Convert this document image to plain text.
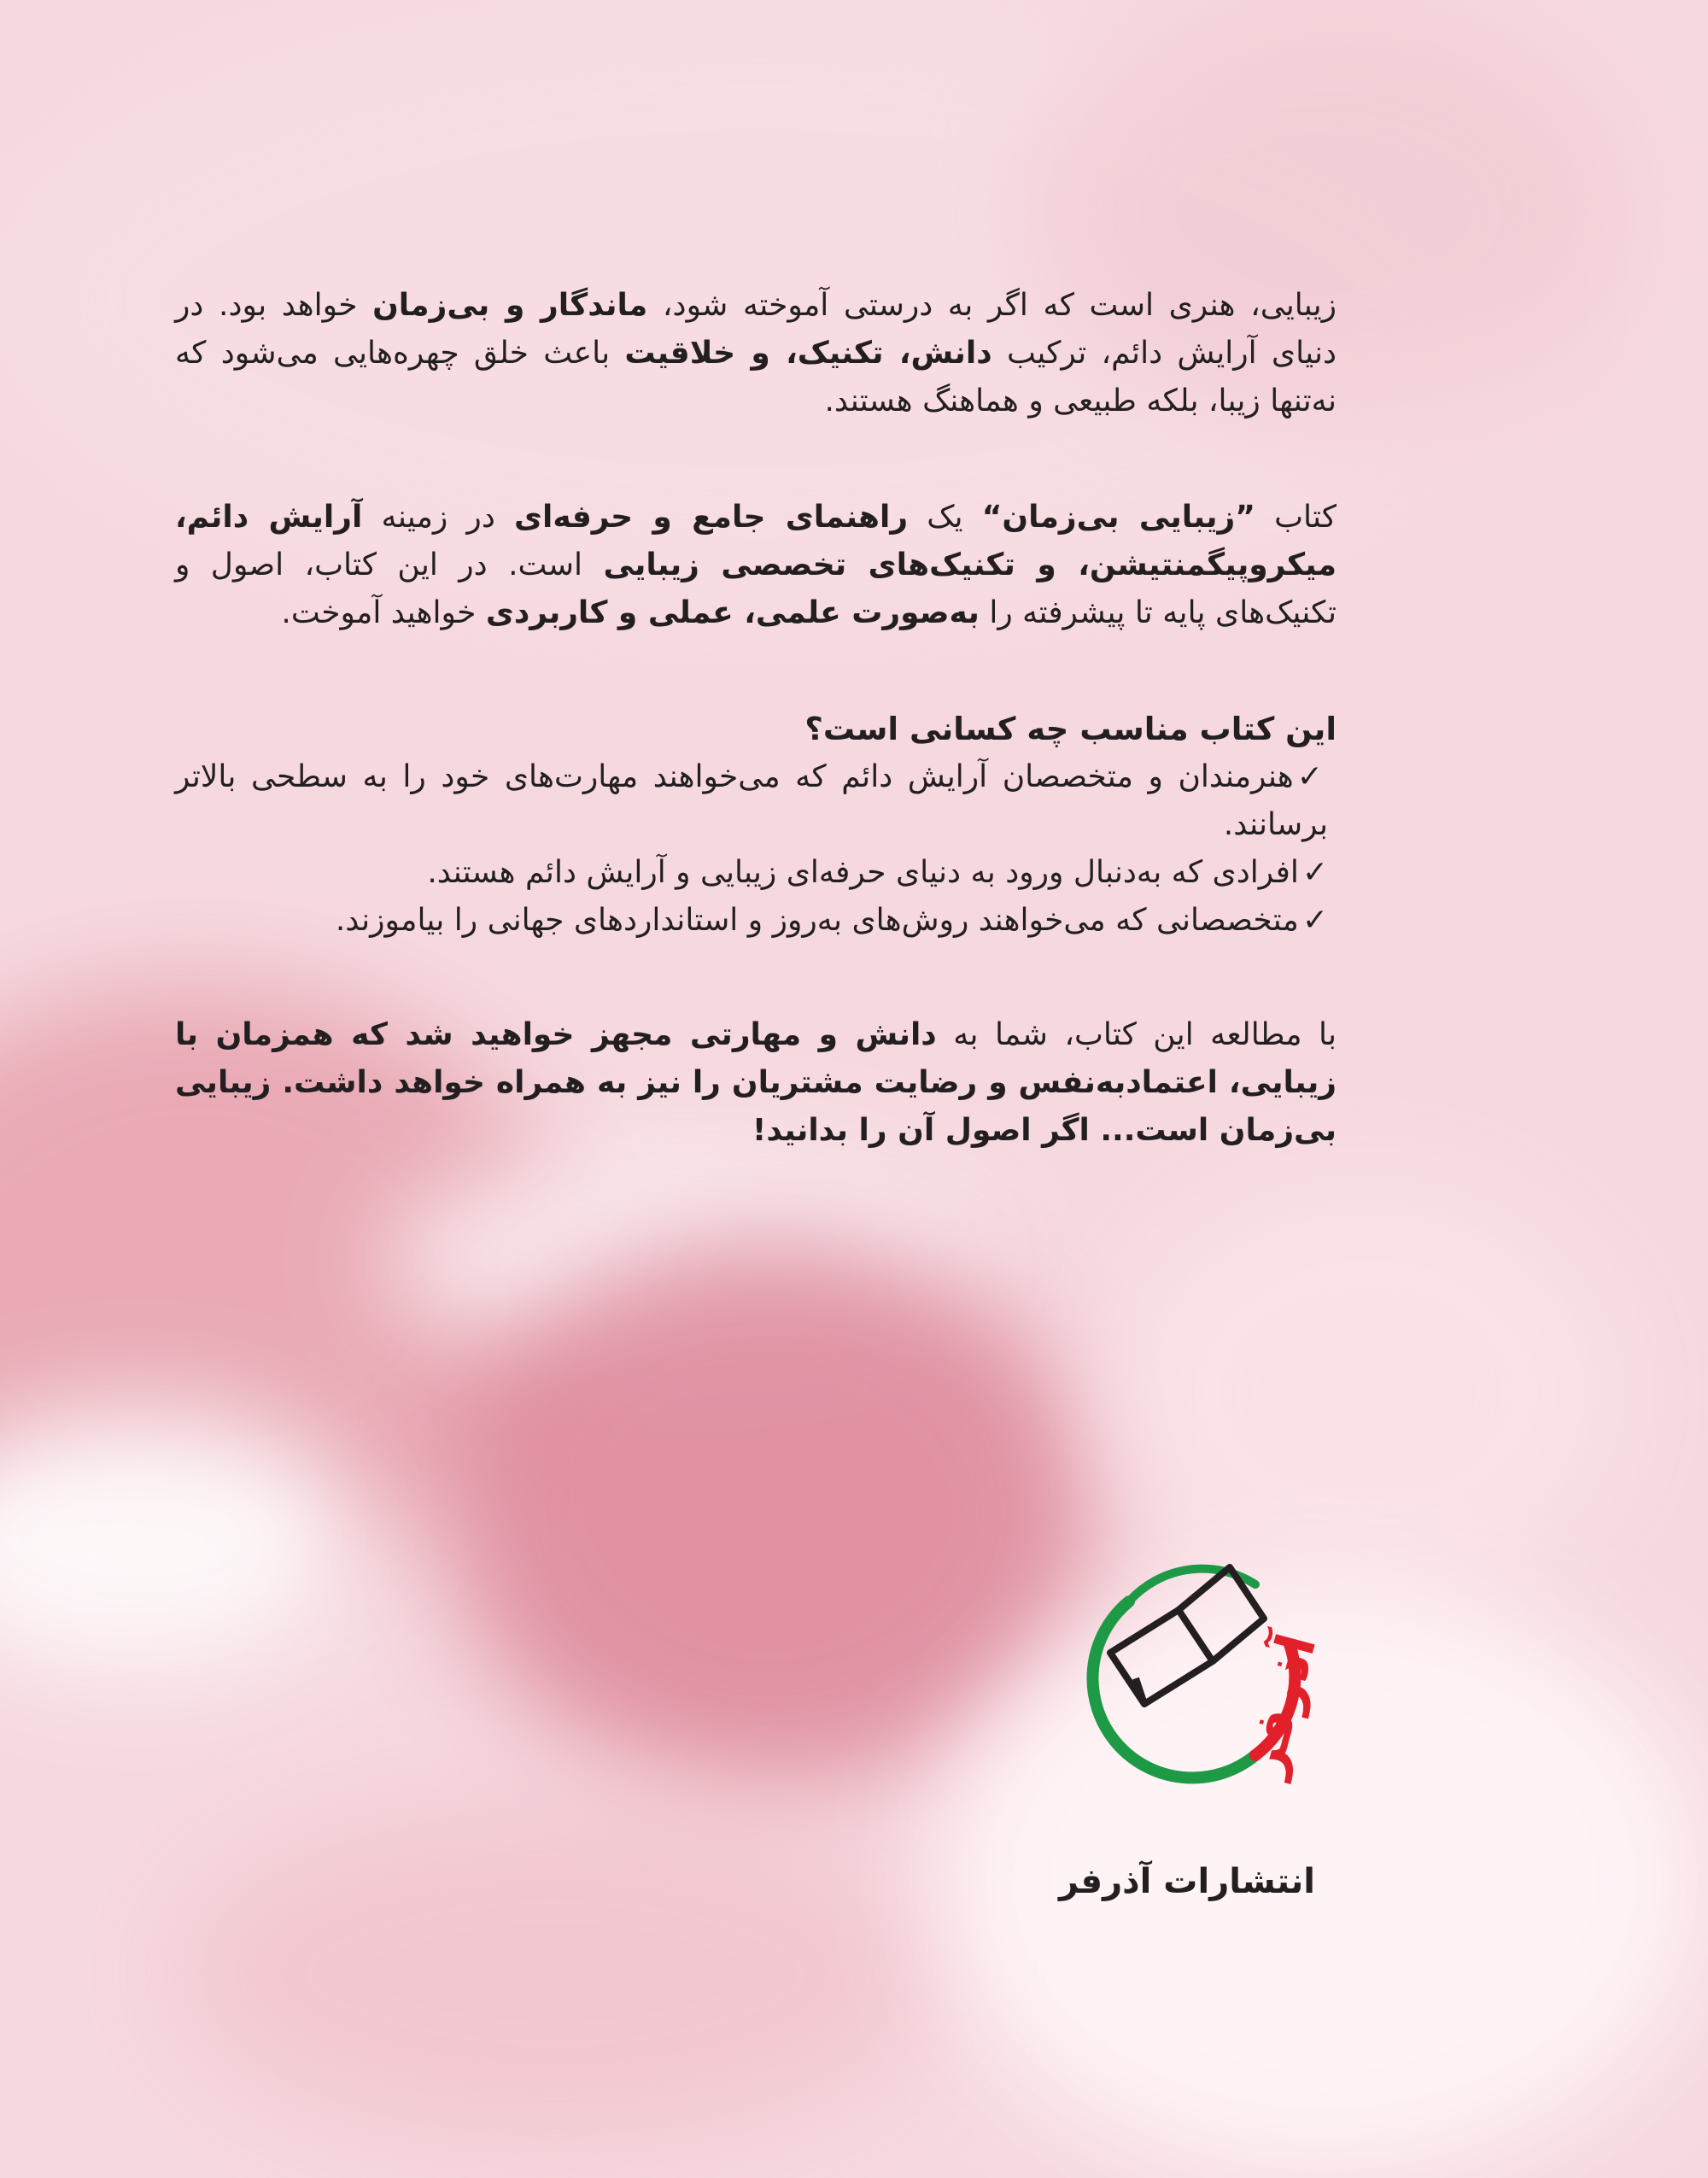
زیبایی، هنری است که اگر به درستی آموخته شود، ماندگار و بی‌زمان خواهد بود. در دنیای آرایش دائم، ترکیب دانش، تکنیک، و خلاقیت باعث خلق چهره‌هایی می‌شود که نه‌تنها زیبا، بلکه طبیعی و هماهنگ هستند.

کتاب ”زیبایی بی‌زمان“ یک راهنمای جامع و حرفه‌ای در زمینه آرایش دائم، میکروپیگمنتیشن، و تکنیک‌های تخصصی زیبایی است. در این کتاب، اصول و تکنیک‌های پایه تا پیشرفته را به‌صورت علمی، عملی و کاربردی خواهید آموخت.

این کتاب مناسب چه کسانی است؟

✓هنرمندان و متخصصان آرایش دائم که می‌خواهند مهارت‌های خود را به سطحی بالاتر برسانند.

✓افرادی که به‌دنبال ورود به دنیای حرفه‌ای زیبایی و آرایش دائم هستند.

✓متخصصانی که می‌خواهند روش‌های به‌روز و استانداردهای جهانی را بیاموزند.

با مطالعه این کتاب، شما به دانش و مهارتی مجهز خواهید شد که همزمان با زیبایی، اعتماد‌به‌نفس و رضایت مشتریان را نیز به همراه خواهد داشت. زیبایی بی‌زمان است... اگر اصول آن را بدانید!

آذرفر
انتشارات آذرفر
